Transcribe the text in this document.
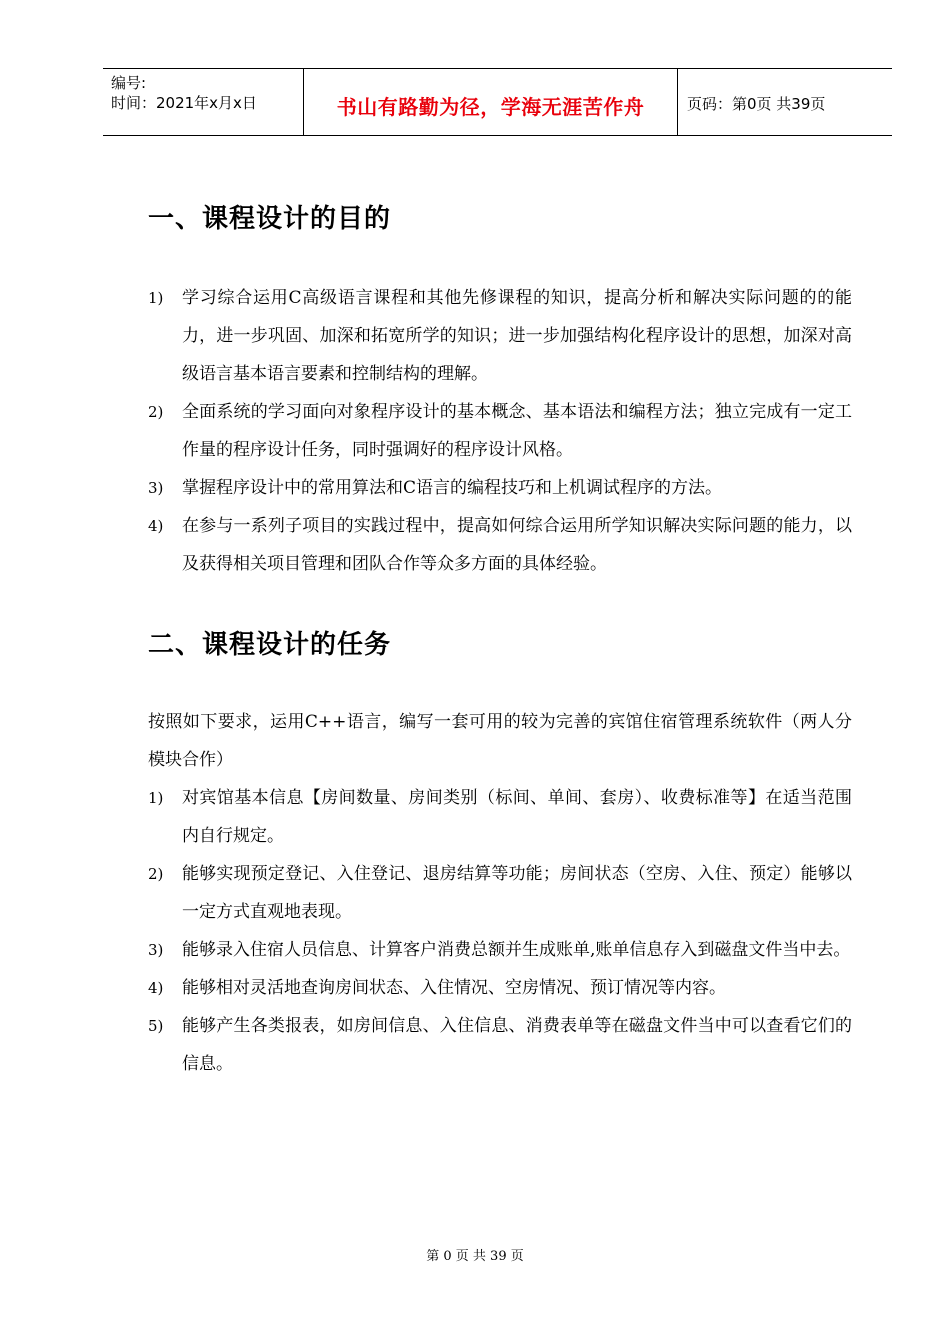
编号:
时间：2021年x月x日	书山有路勤为径，学海无涯苦作舟	页码：第0页 共39页
一、课程设计的目的
1) 学习综合运用C高级语言课程和其他先修课程的知识，提高分析和解决实际问题的的能力，进一步巩固、加深和拓宽所学的知识；进一步加强结构化程序设计的思想，加深对高级语言基本语言要素和控制结构的理解。
2) 全面系统的学习面向对象程序设计的基本概念、基本语法和编程方法；独立完成有一定工作量的程序设计任务，同时强调好的程序设计风格。
3) 掌握程序设计中的常用算法和C语言的编程技巧和上机调试程序的方法。
4) 在参与一系列子项目的实践过程中，提高如何综合运用所学知识解决实际问题的能力，以及获得相关项目管理和团队合作等众多方面的具体经验。
二、课程设计的任务
按照如下要求，运用C++语言，编写一套可用的较为完善的宾馆住宿管理系统软件（两人分模块合作）
1) 对宾馆基本信息【房间数量、房间类别（标间、单间、套房）、收费标准等】在适当范围内自行规定。
2) 能够实现预定登记、入住登记、退房结算等功能；房间状态（空房、入住、预定）能够以一定方式直观地表现。
3) 能够录入住宿人员信息、计算客户消费总额并生成账单,账单信息存入到磁盘文件当中去。
4) 能够相对灵活地查询房间状态、入住情况、空房情况、预订情况等内容。
5) 能够产生各类报表，如房间信息、入住信息、消费表单等在磁盘文件当中可以查看它们的信息。
第 0 页 共 39 页
